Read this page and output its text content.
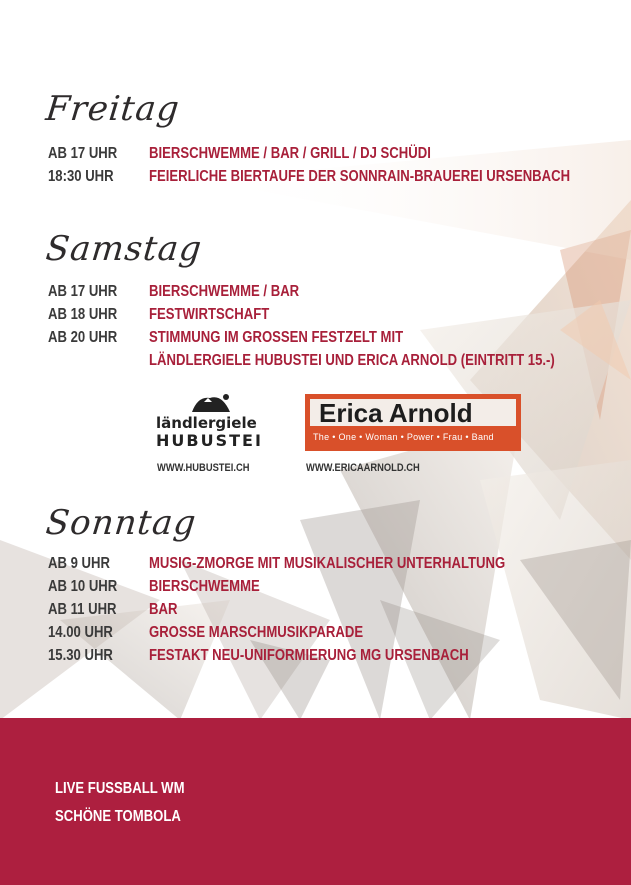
Freitag
AB 17 UHR	BIERSCHWEMME / BAR / GRILL / DJ SCHÜDI
18:30 UHR	FEIERLICHE BIERTAUFE DER SONNRAIN-BRAUEREI URSENBACH
Samstag
AB 17 UHR	BIERSCHWEMME / BAR
AB 18 UHR	FESTWIRTSCHAFT
AB 20 UHR	STIMMUNG IM GROSSEN FESTZELT MIT
LÄNDLERGIELE HUBUSTEI UND ERICA ARNOLD (EINTRITT 15.-)
ländlergiele
HUBUSTEI
Erica Arnold
The • One • Woman • Power • Frau • Band
WWW.HUBUSTEI.CH	WWW.ERICAARNOLD.CH
Sonntag
AB 9 UHR	MUSIG-ZMORGE MIT MUSIKALISCHER UNTERHALTUNG
AB 10 UHR	BIERSCHWEMME
AB 11 UHR	BAR
14.00 UHR	GROSSE MARSCHMUSIKPARADE
15.30 UHR	FESTAKT NEU-UNIFORMIERUNG MG URSENBACH
LIVE FUSSBALL WM
SCHÖNE TOMBOLA
